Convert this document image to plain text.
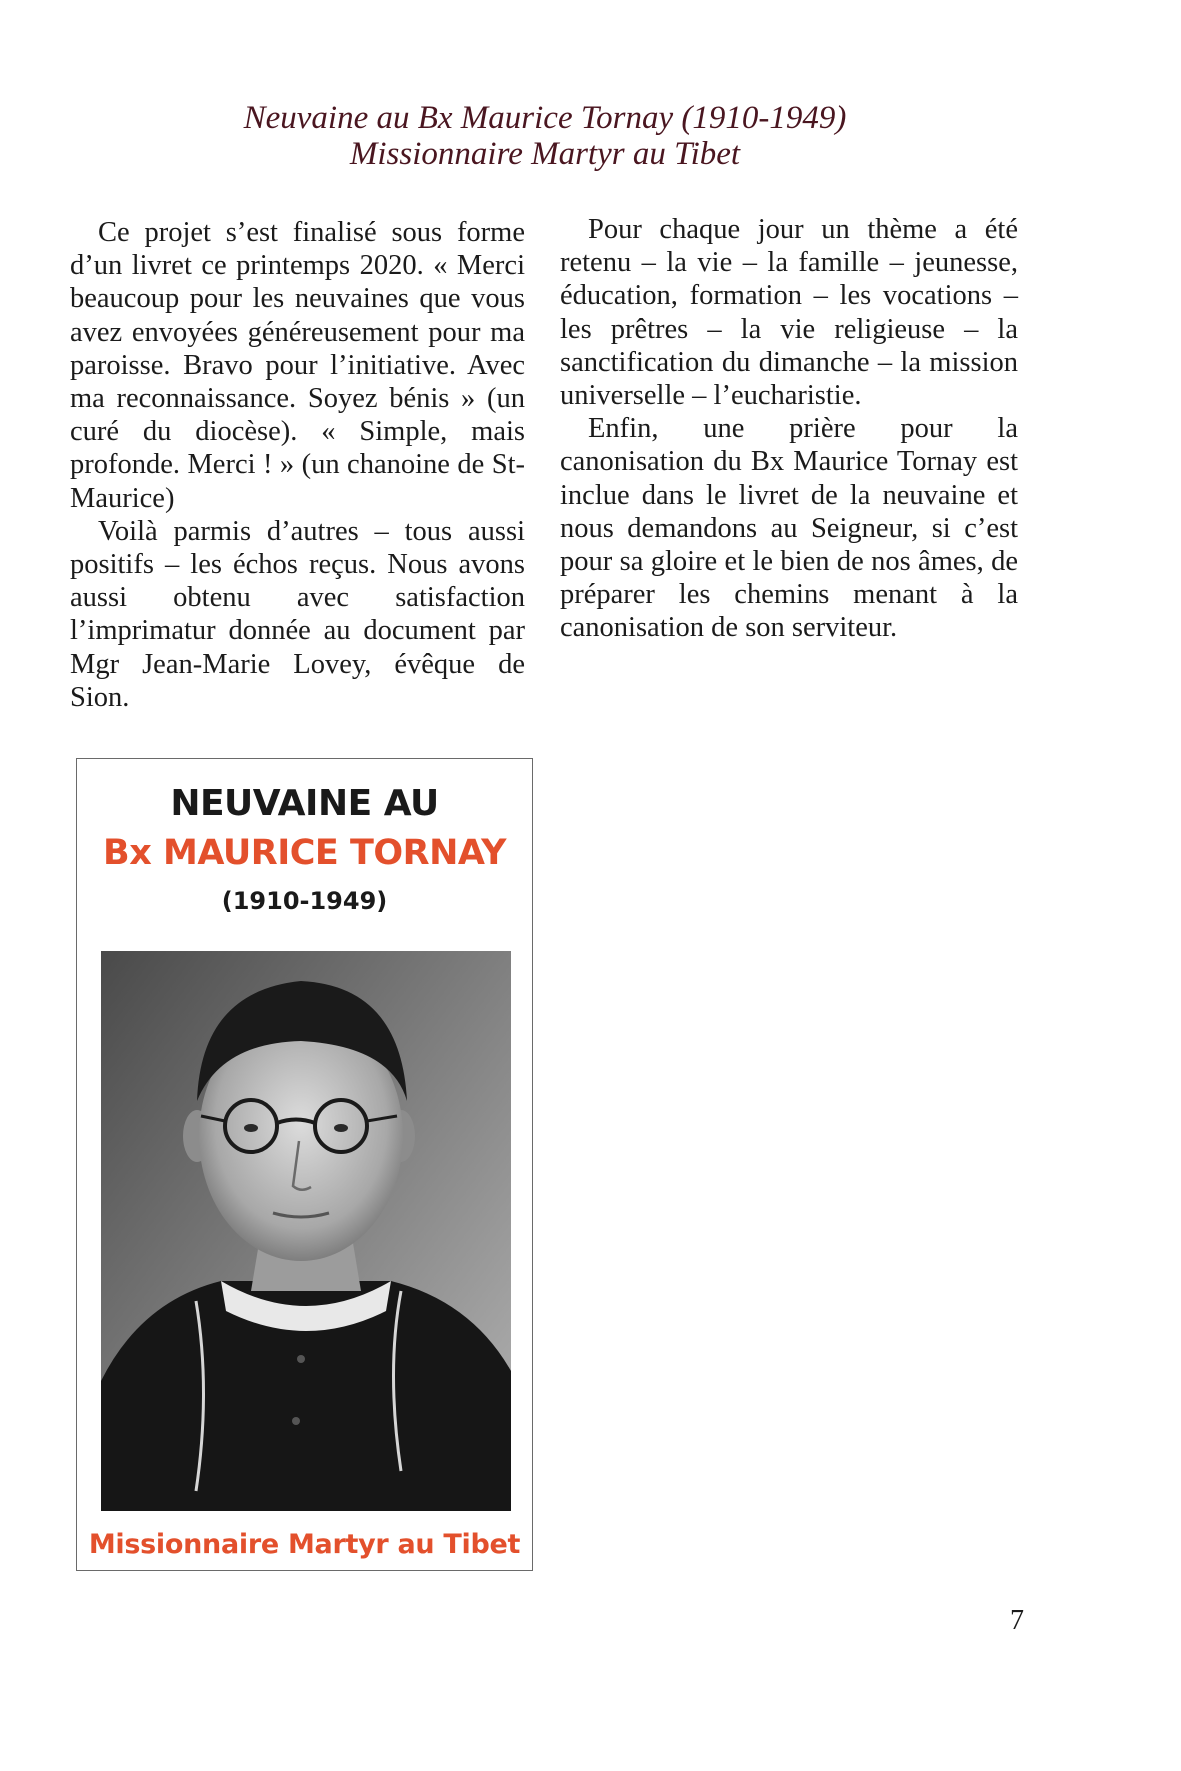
Neuvaine au Bx Maurice Tornay (1910-1949)
Missionnaire Martyr au Tibet

Ce projet s’est finalisé sous forme d’un livret ce printemps 2020. « Merci beaucoup pour les neuvaines que vous avez envoyées généreusement pour ma paroisse. Bravo pour l’initiative. Avec ma reconnaissance. Soyez bénis » (un curé du diocèse). « Simple, mais profonde. Merci ! » (un chanoine de St-Maurice)

Voilà parmis d’autres – tous aussi positifs – les échos reçus. Nous avons aussi obtenu avec satisfaction l’imprimatur donnée au document par Mgr Jean-Marie Lovey, évêque de Sion.

Pour chaque jour un thème a été retenu – la vie – la famille – jeunesse, éducation, formation – les vocations – les prêtres – la vie religieuse – la sanctification du dimanche – la mission universelle – l’eucharistie.

Enfin, une prière pour la canonisation du Bx Maurice Tornay est inclue dans le livret de la neuvaine et nous demandons au Seigneur, si c’est pour sa gloire et le bien de nos âmes, de préparer les chemins menant à la canonisation de son serviteur.

NEUVAINE AU
Bx MAURICE TORNAY
(1910-1949)
Missionnaire Martyr au Tibet
7
